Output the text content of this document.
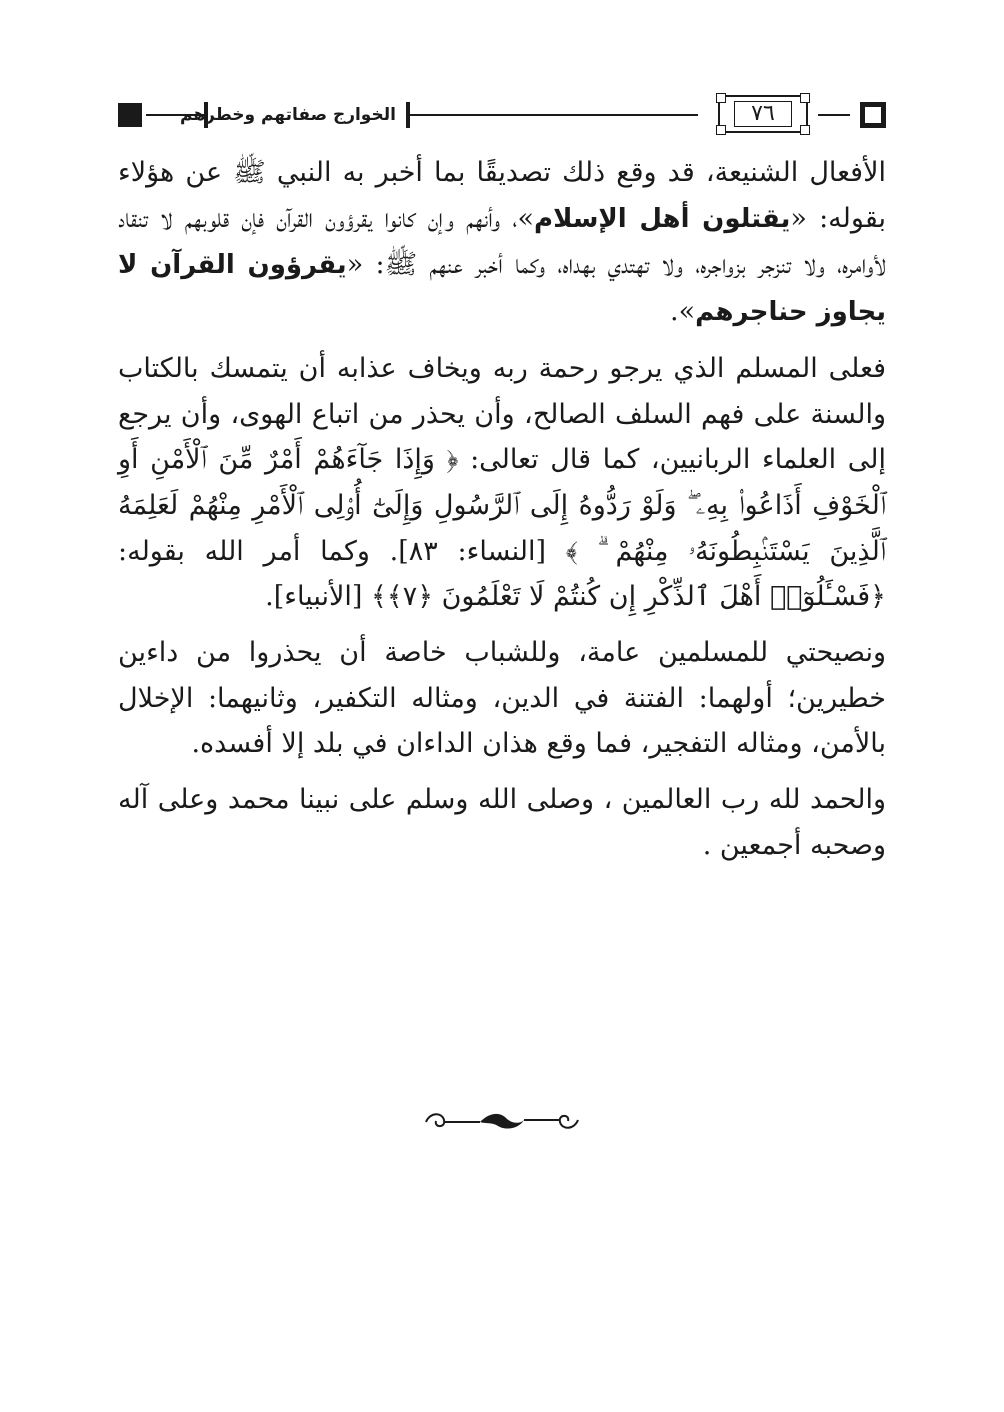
الخوارج صفاتهم وخطرهم	٧٦

الأفعال الشنيعة، قد وقع ذلك تصديقًا بما أخبر به النبي ﷺ عن هؤلاء بقوله: «يقتلون أهل الإسلام»، وأنهم وإن كانوا يقرؤون القرآن فإن قلوبهم لا تنقاد لأوامره، ولا تنزجر بزواجره، ولا تهتدي بهداه، وكما أخبر عنهم ﷺ: «يقرؤون القرآن لا يجاوز حناجرهم».

فعلى المسلم الذي يرجو رحمة ربه ويخاف عذابه أن يتمسك بالكتاب والسنة على فهم السلف الصالح، وأن يحذر من اتباع الهوى، وأن يرجع إلى العلماء الربانيين، كما قال تعالى: ﴿ وَإِذَا جَآءَهُمْ أَمْرٌ مِّنَ ٱلْأَمْنِ أَوِ ٱلْخَوْفِ أَذَاعُوا۟ بِهِۦ ۖ وَلَوْ رَدُّوهُ إِلَى ٱلرَّسُولِ وَإِلَىٰٓ أُو۟لِى ٱلْأَمْرِ مِنْهُمْ لَعَلِمَهُ ٱلَّذِينَ يَسْتَنۢبِطُونَهُۥ مِنْهُمْ ۗ ﴾ [النساء: ٨٣]. وكما أمر الله بقوله: ﴿فَسْـَٔلُوٓا۟ أَهْلَ ٱلذِّكْرِ إِن كُنتُمْ لَا تَعْلَمُونَ ﴿٧﴾﴾ [الأنبياء].

ونصيحتي للمسلمين عامة، وللشباب خاصة أن يحذروا من داءين خطيرين؛ أولهما: الفتنة في الدين، ومثاله التكفير، وثانيهما: الإخلال بالأمن، ومثاله التفجير، فما وقع هذان الداءان في بلد إلا أفسده.

والحمد لله رب العالمين ، وصلى الله وسلم على نبينا محمد وعلى آله وصحبه أجمعين .
